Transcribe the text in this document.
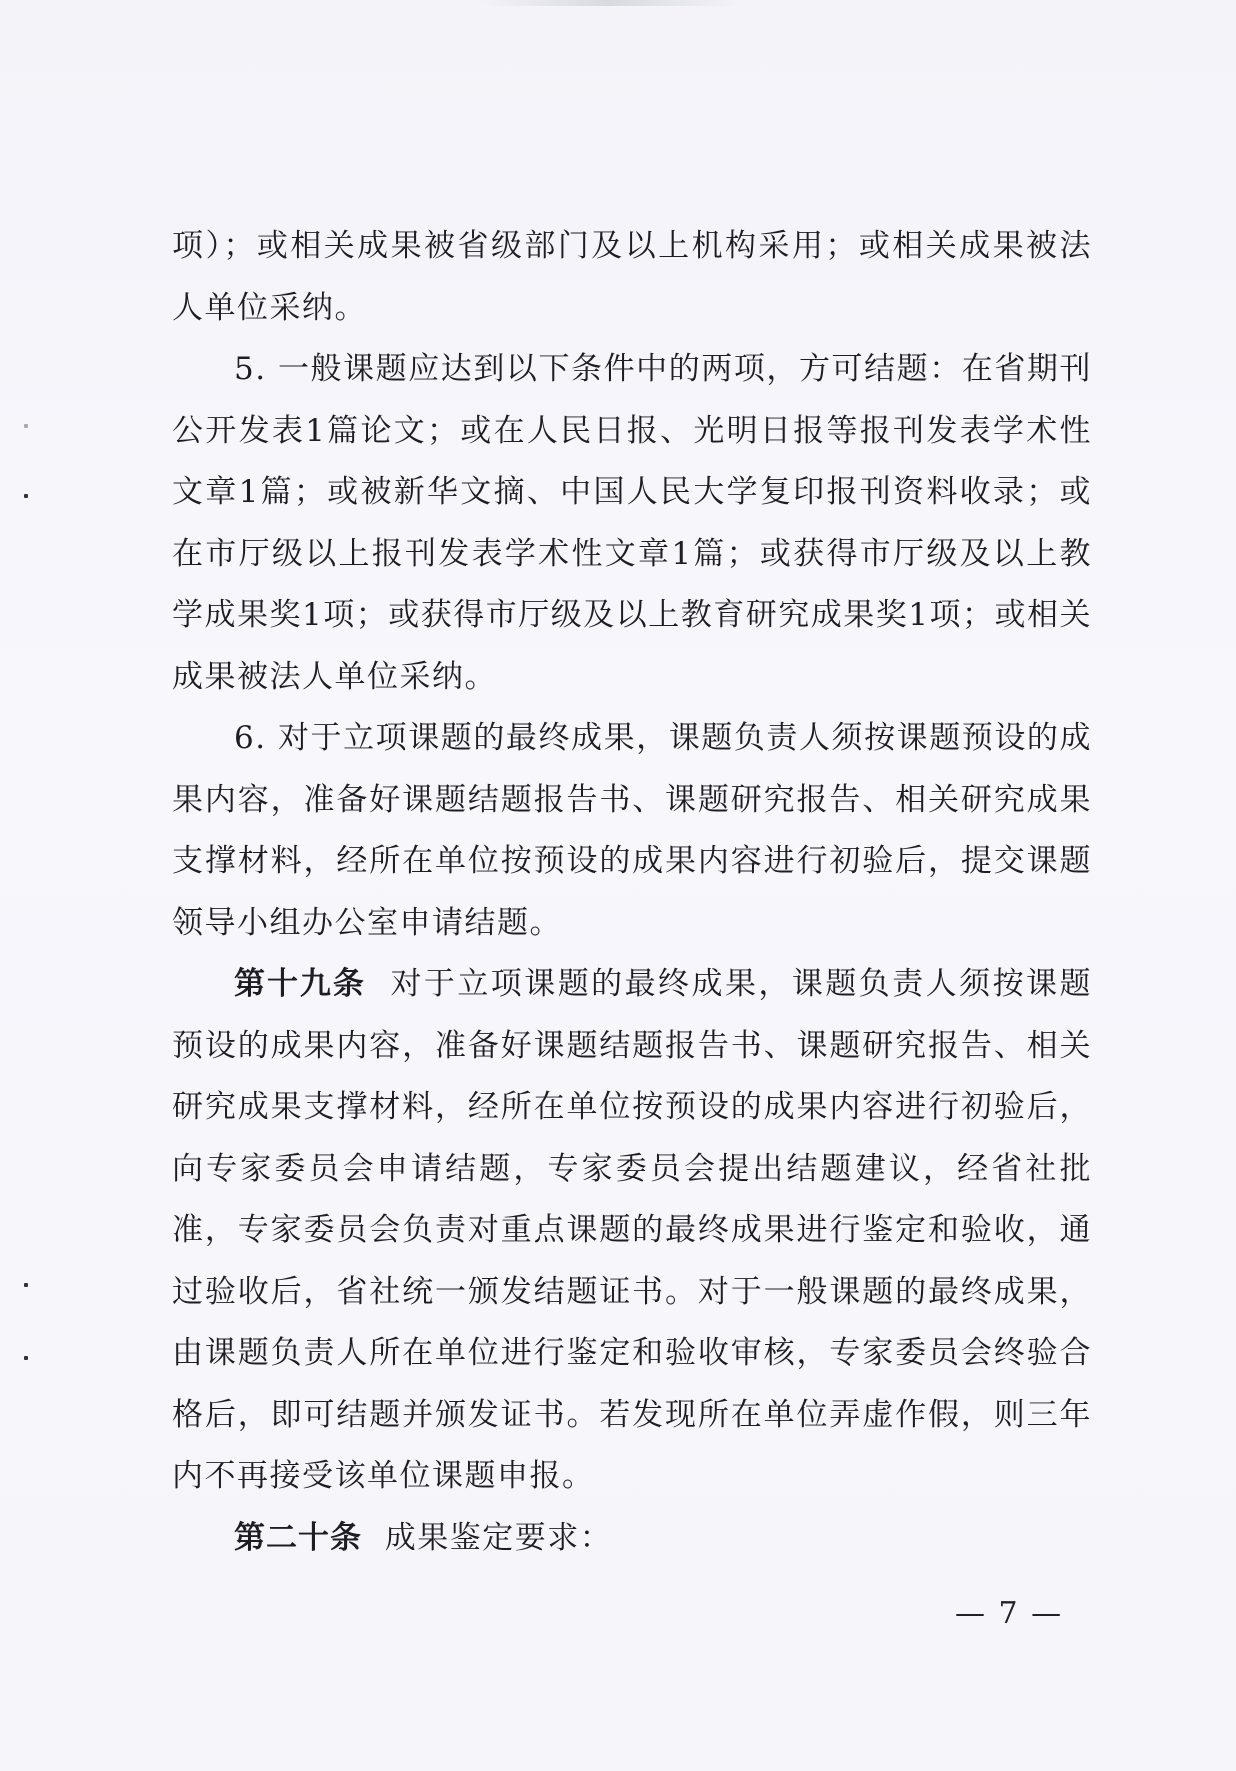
项）；或相关成果被省级部门及以上机构采用；或相关成果被法人单位采纳。

5. 一般课题应达到以下条件中的两项，方可结题：在省期刊公开发表1篇论文；或在人民日报、光明日报等报刊发表学术性文章1篇；或被新华文摘、中国人民大学复印报刊资料收录；或在市厅级以上报刊发表学术性文章1篇；或获得市厅级及以上教学成果奖1项；或获得市厅级及以上教育研究成果奖1项；或相关成果被法人单位采纳。

6. 对于立项课题的最终成果，课题负责人须按课题预设的成果内容，准备好课题结题报告书、课题研究报告、相关研究成果支撑材料，经所在单位按预设的成果内容进行初验后，提交课题领导小组办公室申请结题。

第十九条 对于立项课题的最终成果，课题负责人须按课题预设的成果内容，准备好课题结题报告书、课题研究报告、相关研究成果支撑材料，经所在单位按预设的成果内容进行初验后，向专家委员会申请结题，专家委员会提出结题建议，经省社批准，专家委员会负责对重点课题的最终成果进行鉴定和验收，通过验收后，省社统一颁发结题证书。对于一般课题的最终成果，由课题负责人所在单位进行鉴定和验收审核，专家委员会终验合格后，即可结题并颁发证书。若发现所在单位弄虚作假，则三年内不再接受该单位课题申报。

第二十条 成果鉴定要求：

— 7 —
